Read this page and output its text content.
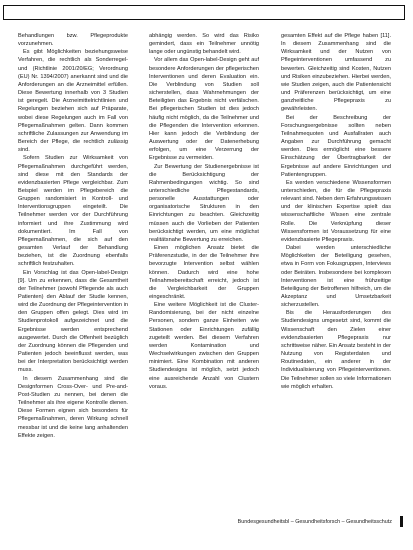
Behandlungen bzw. Pflegeprodukte vorzunehmen.

Es gibt Möglichkeiten beziehungsweise Verfahren, die rechtlich als Sonderregel- und (Richtlinie 2001/20/EG; Verordnung (EU) Nr. 1394/2007) anerkannt sind und die Anforderungen an die Arzneimittel erfüllen. Diese Bewertung innerhalb von 3 Studien ist geregelt. Die Arzneimittelrichtlinien und Regelungen beziehen sich auf Präparate, wobei diese Regelungen auch im Fall von Pflegemaßnahmen gelten. Dann kommen schriftliche Zulassungen zur Anwendung im Bereich der Pflege, die rechtlich zulässig sind.

Sofern Studien zur Wirksamkeit von Pflegemaßnahmen durchgeführt werden, sind diese mit den Standards der evidenzbasierten Pflege vergleichbar. Zum Beispiel werden im Pflegebereich die Gruppen randomisiert in Kontroll- und Interventionsgruppen eingeteilt. Die Teilnehmer werden vor der Durchführung informiert und ihre Zustimmung wird dokumentiert. Im Fall von Pflegemaßnahmen, die sich auf den gesamten Verlauf der Behandlung beziehen, ist die Zuordnung ebenfalls schriftlich festzuhalten.

Ein Vorschlag ist das Open-label-Design [9]. Um zu erkennen, dass die Gesamtheit der Teilnehmer (sowohl Pflegende als auch Patienten) den Ablauf der Studie kennen, wird die Zuordnung der Pflegeintervention in den Gruppen offen gelegt. Dies wird im Studienprotokoll aufgezeichnet und die Ergebnisse werden entsprechend ausgewertet. Durch die Offenheit bezüglich der Zuordnung können die Pflegenden und Patienten jedoch beeinflusst werden, was bei der Interpretation berücksichtigt werden muss.

In diesem Zusammenhang sind die Designformen Cross-Over- und Pre-and-Post-Studien zu nennen, bei denen die Teilnehmer als ihre eigene Kontrolle dienen. Diese Formen eignen sich besonders für Pflegemaßnahmen, deren Wirkung schnell messbar ist und die keine lang anhaltenden Effekte zeigen.

abhängig werden. So wird das Risiko gemindert, dass ein Teilnehmer unnötig lange oder ungünstig behandelt wird.

Vor allem das Open-label-Design geht auf besondere Anforderungen der pflegerischen Interventionen und deren Evaluation ein. Die Verblindung von Studien soll sicherstellen, dass Wahrnehmungen der Beteiligten das Ergebnis nicht verfälschen. Bei pflegerischen Studien ist dies jedoch häufig nicht möglich, da die Teilnehmer und die Pflegenden die Intervention erkennen. Hier kann jedoch die Verblindung der Auswertung oder der Datenerhebung erfolgen, um eine Verzerrung der Ergebnisse zu vermeiden.

Zur Bewertung der Studienergebnisse ist die Berücksichtigung der Rahmenbedingungen wichtig. So sind unterschiedliche Pflegestandards, personelle Ausstattungen oder organisatorische Strukturen in den Einrichtungen zu beachten. Gleichzeitig müssen auch die Vorlieben der Patienten berücksichtigt werden, um eine möglichst realitätsnahe Bewertung zu erreichen.

Einen möglichen Ansatz bietet die Präferenzstudie, in der die Teilnehmer ihre bevorzugte Intervention selbst wählen können. Dadurch wird eine hohe Teilnahmebereitschaft erreicht, jedoch ist die Vergleichbarkeit der Gruppen eingeschränkt.

Eine weitere Möglichkeit ist die Cluster-Randomisierung, bei der nicht einzelne Personen, sondern ganze Einheiten wie Stationen oder Einrichtungen zufällig zugeteilt werden. Bei diesem Verfahren werden Kontamination und Wechselwirkungen zwischen den Gruppen minimiert. Eine Kombination mit anderen Studiendesigns ist möglich, setzt jedoch eine ausreichende Anzahl von Clustern voraus.

gesamten Effekt auf die Pflege haben [11]. In diesem Zusammenhang sind die Wirksamkeit und der Nutzen von Pflegeinterventionen umfassend zu bewerten. Gleichzeitig sind Kosten, Nutzen und Risiken einzubeziehen. Hierbei werden, wie Studien zeigen, auch die Patientensicht und Präferenzen berücksichtigt, um eine ganzheitliche Pflegepraxis zu gewährleisten.

Bei der Beschreibung der Forschungsergebnisse sollten neben Teilnahmequoten und Ausfallraten auch Angaben zur Durchführung gemacht werden. Dies ermöglicht eine bessere Einschätzung der Übertragbarkeit der Ergebnisse auf andere Einrichtungen und Patientengruppen.

Es werden verschiedene Wissensformen unterschieden, die für die Pflegepraxis relevant sind. Neben dem Erfahrungswissen und der klinischen Expertise spielt das wissenschaftliche Wissen eine zentrale Rolle. Die Verknüpfung dieser Wissensformen ist Voraussetzung für eine evidenzbasierte Pflegepraxis.

Dabei werden unterschiedliche Möglichkeiten der Beteiligung gesehen, etwa in Form von Fokusgruppen, Interviews oder Beiräten. Insbesondere bei komplexen Interventionen ist eine frühzeitige Beteiligung der Betroffenen hilfreich, um die Akzeptanz und Umsetzbarkeit sicherzustellen.

Bis die Herausforderungen des Studiendesigns umgesetzt sind, kommt die Wissenschaft den Zielen einer evidenzbasierten Pflegepraxis nur schrittweise näher. Ein Ansatz besteht in der Nutzung von Registerdaten und Routinedaten, ein anderer in der Individualisierung von Pflegeinterventionen. Die Teilnehmer sollen so viele Informationen wie möglich erhalten.

Bundesgesundheitsbl – Gesundheitsforsch – Gesundheitsschutz
